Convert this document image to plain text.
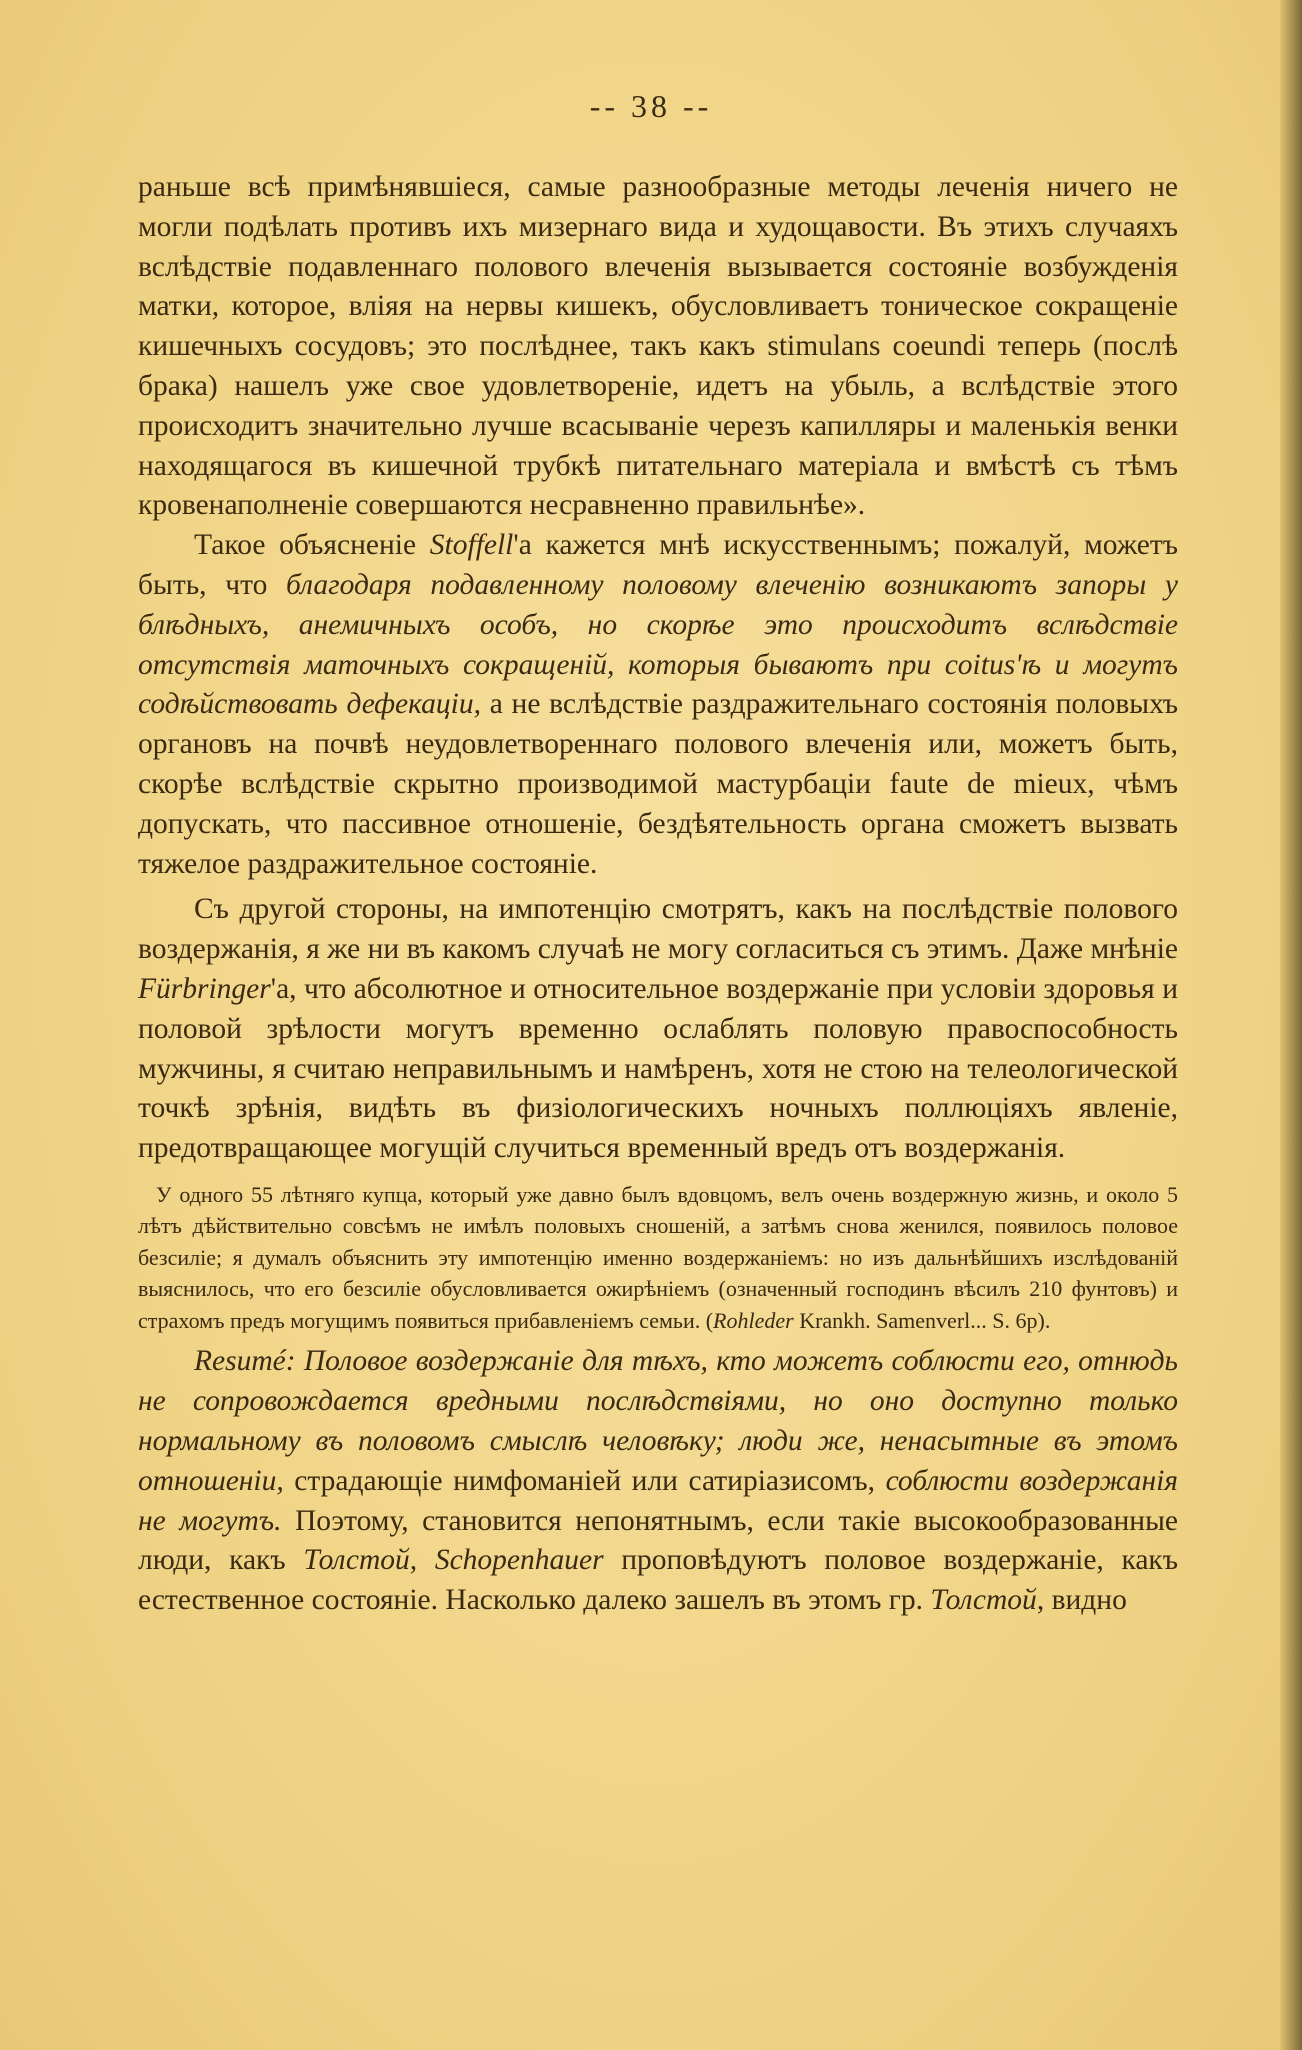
-- 38 --

раньше всѣ примѣнявшіеся, самые разнообразные методы леченія ничего не могли подѣлать противъ ихъ мизернаго вида и худощавости. Въ этихъ случаяхъ вслѣдствіе подавленнаго полового влеченія вызывается состояніе возбужденія матки, которое, вліяя на нервы кишекъ, обусловливаетъ тоническое сокращеніе кишечныхъ сосудовъ; это послѣднее, такъ какъ stimulans coeundi теперь (послѣ брака) нашелъ уже свое удовлетвореніе, идетъ на убыль, а вслѣдствіе этого происходитъ значительно лучше всасываніе черезъ капилляры и маленькія венки находящагося въ кишечной трубкѣ питательнаго матеріала и вмѣстѣ съ тѣмъ кровенаполненіе совершаются несравненно правильнѣе».

Такое объясненіе Stoffell'а кажется мнѣ искусственнымъ; пожалуй, можетъ быть, что благодаря подавленному половому влеченію возникаютъ запоры у блѣдныхъ, анемичныхъ особъ, но скорѣе это происходитъ вслѣдствіе отсутствія маточныхъ сокращеній, которыя бываютъ при coitus'ѣ и могутъ содѣйствовать дефекаціи, а не вслѣдствіе раздражительнаго состоянія половыхъ органовъ на почвѣ неудовлетвореннаго полового влеченія или, можетъ быть, скорѣе вслѣдствіе скрытно производимой мастурбаціи faute de mieux, чѣмъ допускать, что пассивное отношеніе, бездѣятельность органа сможетъ вызвать тяжелое раздражительное состояніе.

Съ другой стороны, на импотенцію смотрятъ, какъ на послѣдствіе полового воздержанія, я же ни въ какомъ случаѣ не могу согласиться съ этимъ. Даже мнѣніе Fürbringer'а, что абсолютное и относительное воздержаніе при условіи здоровья и половой зрѣлости могутъ временно ослаблять половую правоспособность мужчины, я считаю неправильнымъ и намѣренъ, хотя не стою на телеологической точкѣ зрѣнія, видѣть въ физіологическихъ ночныхъ поллюціяхъ явленіе, предотвращающее могущій случиться временный вредъ отъ воздержанія.

У одного 55 лѣтняго купца, который уже давно былъ вдовцомъ, велъ очень воздержную жизнь, и около 5 лѣтъ дѣйствительно совсѣмъ не имѣлъ половыхъ сношеній, а затѣмъ снова женился, появилось половое безсиліе; я думалъ объяснить эту импотенцію именно воздержаніемъ: но изъ дальнѣйшихъ изслѣдованій выяснилось, что его безсиліе обусловливается ожирѣніемъ (означенный господинъ вѣсилъ 210 фунтовъ) и страхомъ предъ могущимъ появиться прибавленіемъ семьи. (Rohleder Krankh. Samenverl... S. 6р).

Resumé: Половое воздержаніе для тѣхъ, кто можетъ соблюсти его, отнюдь не сопровождается вредными послѣдствіями, но оно доступно только нормальному въ половомъ смыслѣ человѣку; люди же, ненасытные въ этомъ отношеніи, страдающіе нимфоманіей или сатиріазисомъ, соблюсти воздержанія не могутъ. Поэтому, становится непонятнымъ, если такіе высокообразованные люди, какъ Толстой, Schopenhauer проповѣдуютъ половое воздержаніе, какъ естественное состояніе. Насколько далеко зашелъ въ этомъ гр. Толстой, видно
